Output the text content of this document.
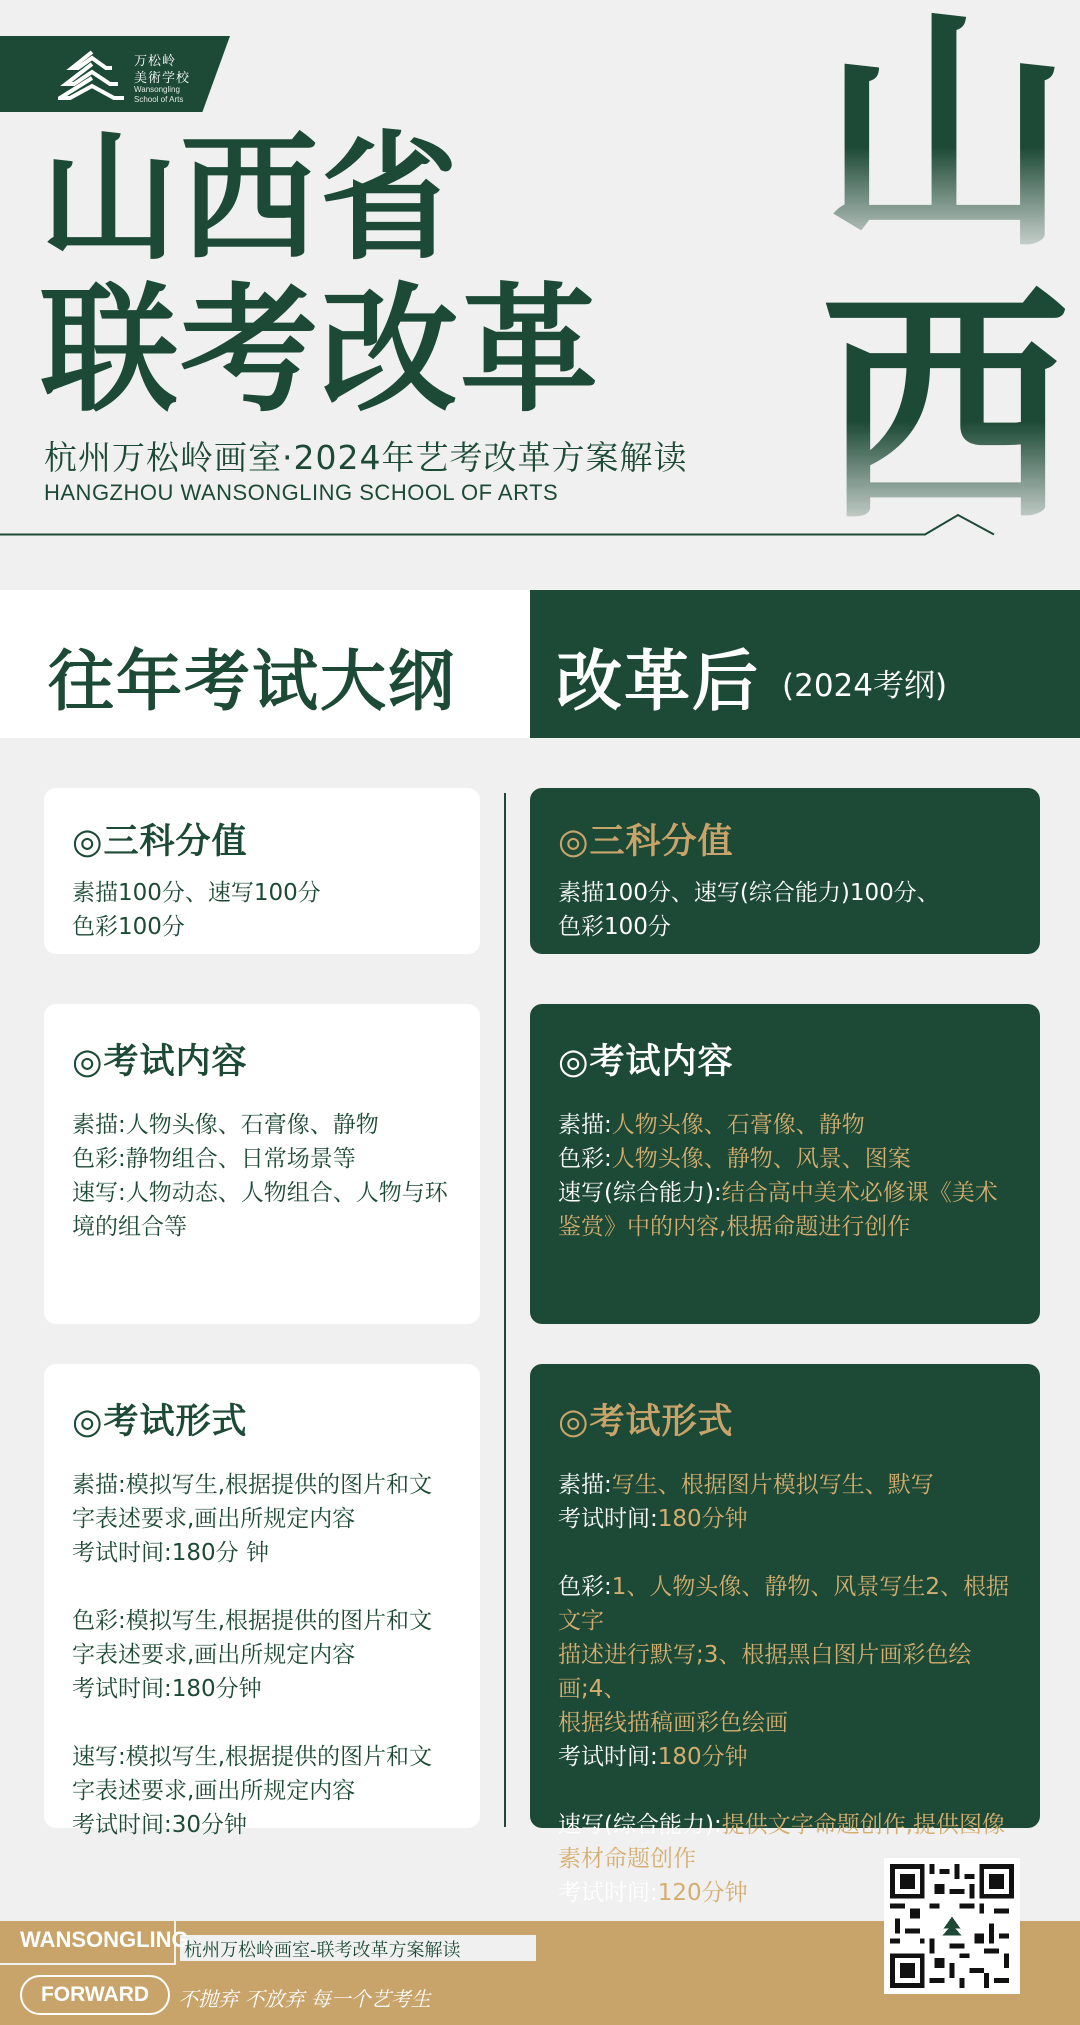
万松岭
美術学校
Wansongling
School of Arts
山西省
联考改革
杭州万松岭画室·2024年艺考改革方案解读
HANGZHOU WANSONGLING SCHOOL OF ARTS
山
西
往年考试大纲 改革后 (2024考纲)
◎三科分值

素描100分、速写100分

色彩100分

◎三科分值

素描100分、速写(综合能力)100分、

色彩100分

◎考试内容

素描:人物头像、石膏像、静物

色彩:静物组合、日常场景等

速写:人物动态、人物组合、人物与环

境的组合等

◎考试内容

素描:人物头像、石膏像、静物

色彩:人物头像、静物、风景、图案

速写(综合能力):结合高中美术必修课《美术

鉴赏》中的内容,根据命题进行创作

◎考试形式

素描:模拟写生,根据提供的图片和文

字表述要求,画出所规定内容

考试时间:180分 钟

色彩:模拟写生,根据提供的图片和文

字表述要求,画出所规定内容

考试时间:180分钟

速写:模拟写生,根据提供的图片和文

字表述要求,画出所规定内容

考试时间:30分钟

◎考试形式

素描:写生、根据图片模拟写生、默写

考试时间:180分钟

色彩:1、人物头像、静物、风景写生2、根据文字

描述进行默写;3、根据黑白图片画彩色绘画;4、

根据线描稿画彩色绘画

考试时间:180分钟

速写(综合能力):提供文字命题创作,提供图像

素材命题创作

考试时间:120分钟

WANSONGLING
杭州万松岭画室-联考改革方案解读
FORWARD	不抛弃 不放弃 每一个艺考生
